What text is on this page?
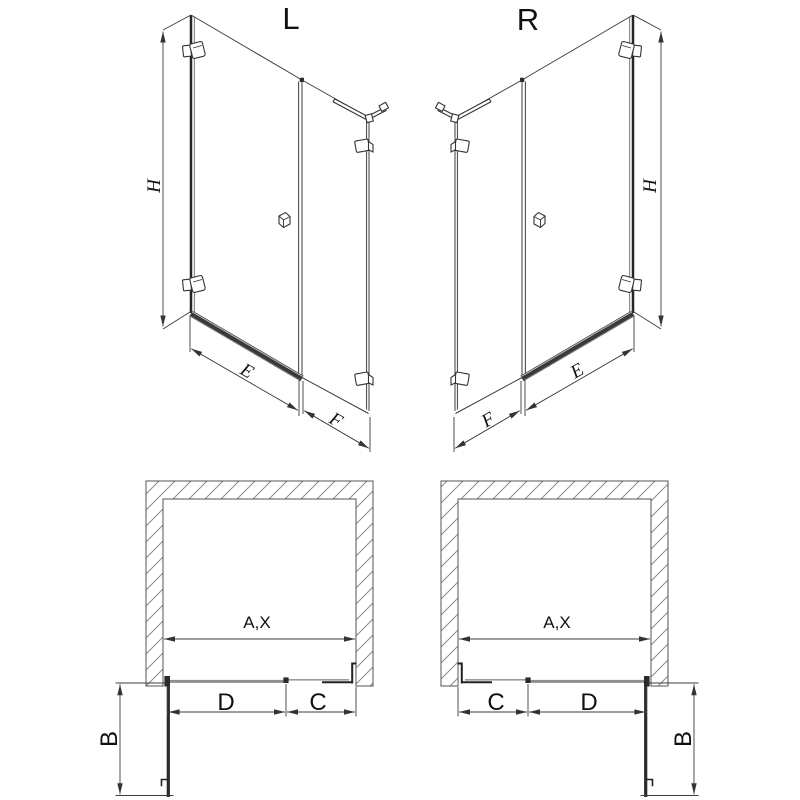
L
H
E
F
R
H
E
F
A,X
D	C
B
A,X
C	D
B
